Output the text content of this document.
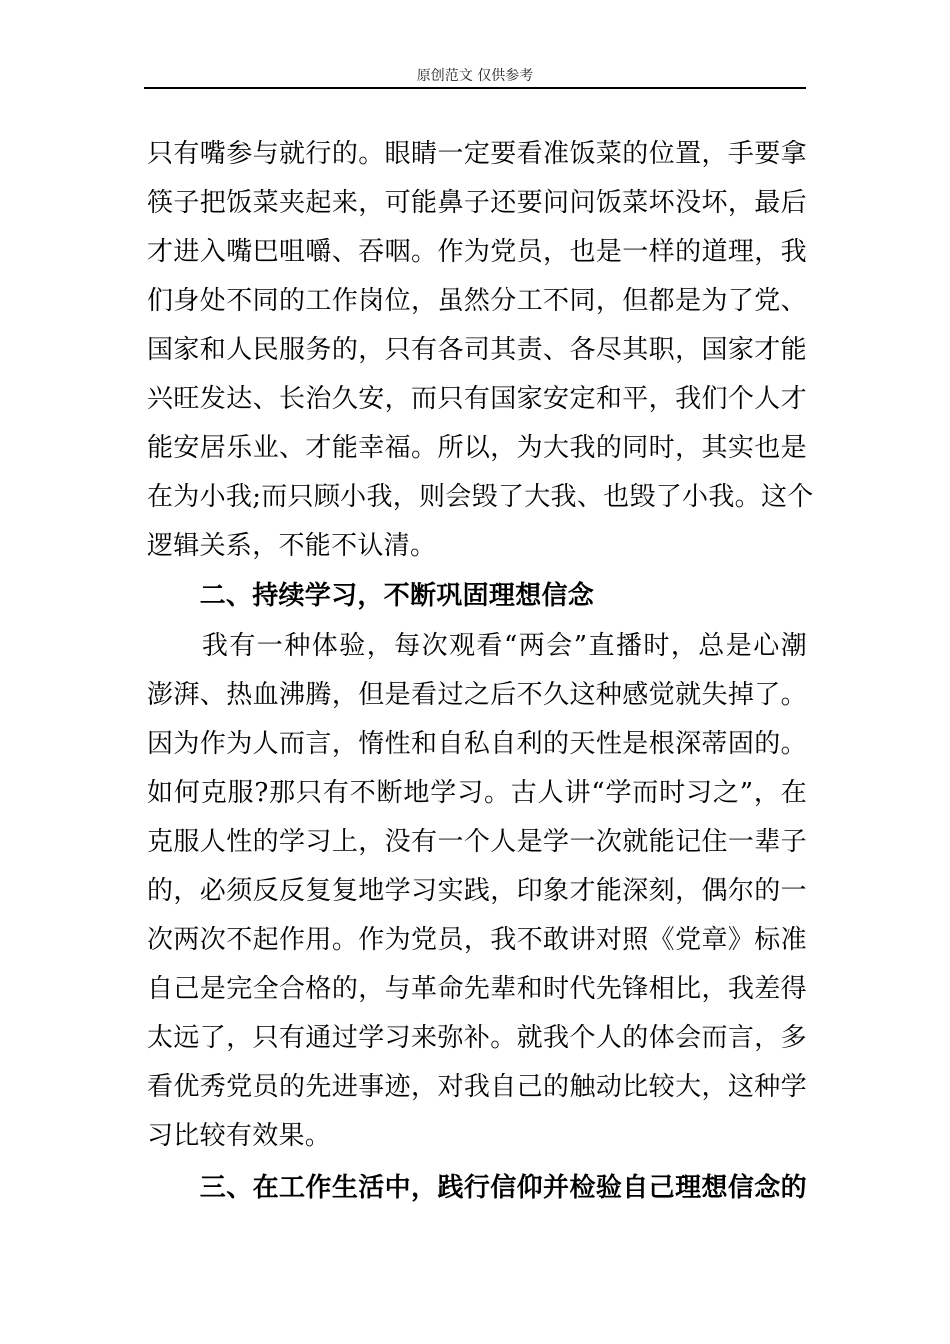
原创范文 仅供参考
只有嘴参与就行的。眼睛一定要看准饭菜的位置，手要拿
筷子把饭菜夹起来，可能鼻子还要问问饭菜坏没坏，最后
才进入嘴巴咀嚼、吞咽。作为党员，也是一样的道理，我
们身处不同的工作岗位，虽然分工不同，但都是为了党、
国家和人民服务的，只有各司其责、各尽其职，国家才能
兴旺发达、长治久安，而只有国家安定和平，我们个人才
能安居乐业、才能幸福。所以，为大我的同时，其实也是
在为小我;而只顾小我，则会毁了大我、也毁了小我。这个
逻辑关系，不能不认清。
　　二、持续学习，不断巩固理想信念
　　我有一种体验，每次观看“两会”直播时，总是心潮
澎湃、热血沸腾，但是看过之后不久这种感觉就失掉了。
因为作为人而言，惰性和自私自利的天性是根深蒂固的。
如何克服?那只有不断地学习。古人讲“学而时习之”，在
克服人性的学习上，没有一个人是学一次就能记住一辈子
的，必须反反复复地学习实践，印象才能深刻，偶尔的一
次两次不起作用。作为党员，我不敢讲对照《党章》标准
自己是完全合格的，与革命先辈和时代先锋相比，我差得
太远了，只有通过学习来弥补。就我个人的体会而言，多
看优秀党员的先进事迹，对我自己的触动比较大，这种学
习比较有效果。
　　三、在工作生活中，践行信仰并检验自己理想信念的
